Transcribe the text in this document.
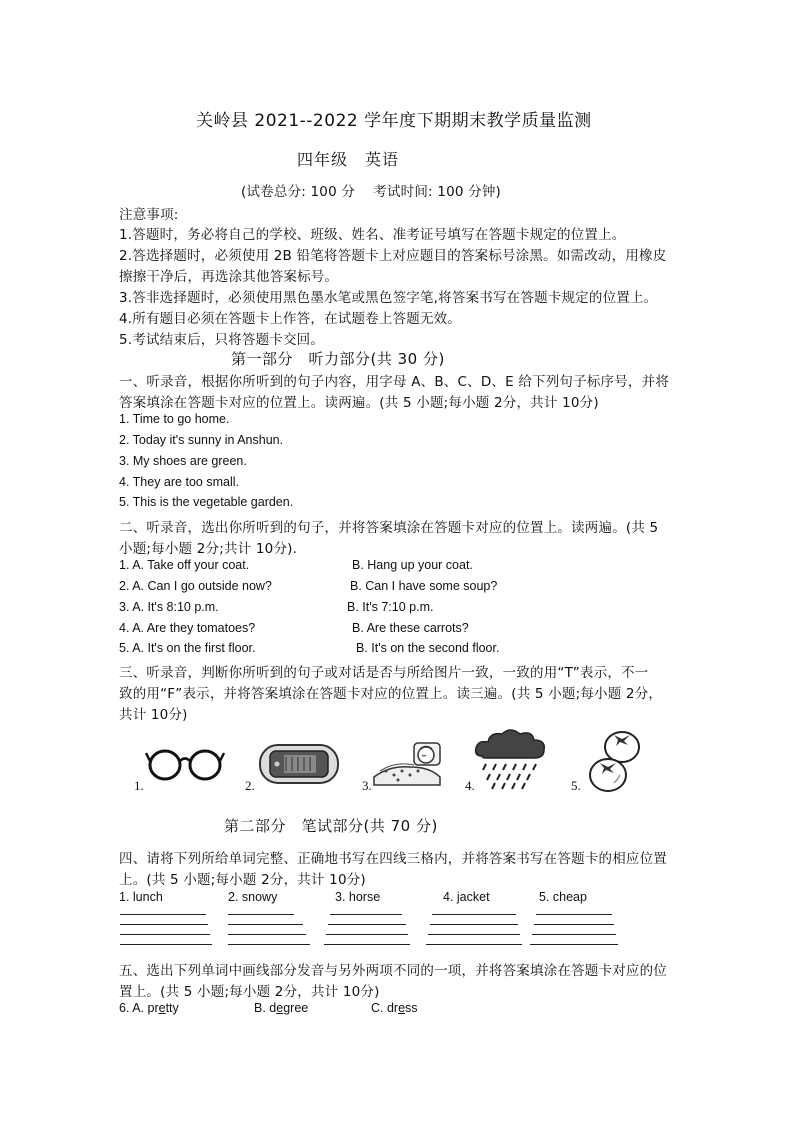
关岭县 2021--2022 学年度下期期末教学质量监测
四年级　英语
(试卷总分: 100 分　 考试时间: 100 分钟)
注意事项:
1.答题时，务必将自己的学校、班级、姓名、准考证号填写在答题卡规定的位置上。
2.答选择题时，必须使用 2B 铅笔将答题卡上对应题目的答案标号涂黑。如需改动，用橡皮
擦擦干净后，再选涂其他答案标号。
3.答非选择题时，必须使用黑色墨水笔或黑色签字笔,将答案书写在答题卡规定的位置上。
4.所有题目必须在答题卡上作答，在试题卷上答题无效。
5.考试结束后，只将答题卡交回。
第一部分　听力部分(共 30 分)
一、听录音，根据你所听到的句子内容，用字母 A、B、C、D、E 给下列句子标序号，并将
答案填涂在答题卡对应的位置上。读两遍。(共 5 小题;每小题 2分，共计 10分)
1. Time to go home.
2. Today it's sunny in Anshun.
3. My shoes are green.
4. They are too small.
5. This is the vegetable garden.
二、听录音，选出你所听到的句子，并将答案填涂在答题卡对应的位置上。读两遍。(共 5
小题;每小题 2分;共计 10分).
1. A. Take off your coat.	B. Hang up your coat.
2. A. Can I go outside now?	B. Can I have some soup?
3. A. It's 8:10 p.m.	B. It's 7:10 p.m.
4. A. Are they tomatoes?	B. Are these carrots?
5. A. It's on the first floor.	B. It's on the second floor.
三、听录音，判断你所听到的句子或对话是否与所给图片一致，一致的用“T”表示，不一
致的用“F”表示，并将答案填涂在答题卡对应的位置上。读三遍。(共 5 小题;每小题 2分，
共计 10分)
1.	2.	3.	4.	5.
第二部分　笔试部分(共 70 分)
四、请将下列所给单词完整、正确地书写在四线三格内，并将答案书写在答题卡的相应位置
上。(共 5 小题;每小题 2分，共计 10分)
1. lunch	2. snowy	3. horse	4. jacket	5. cheap
五、选出下列单词中画线部分发音与另外两项不同的一项，并将答案填涂在答题卡对应的位
置上。(共 5 小题;每小题 2分，共计 10分)
6. A. pretty	B. degree	C. dress
